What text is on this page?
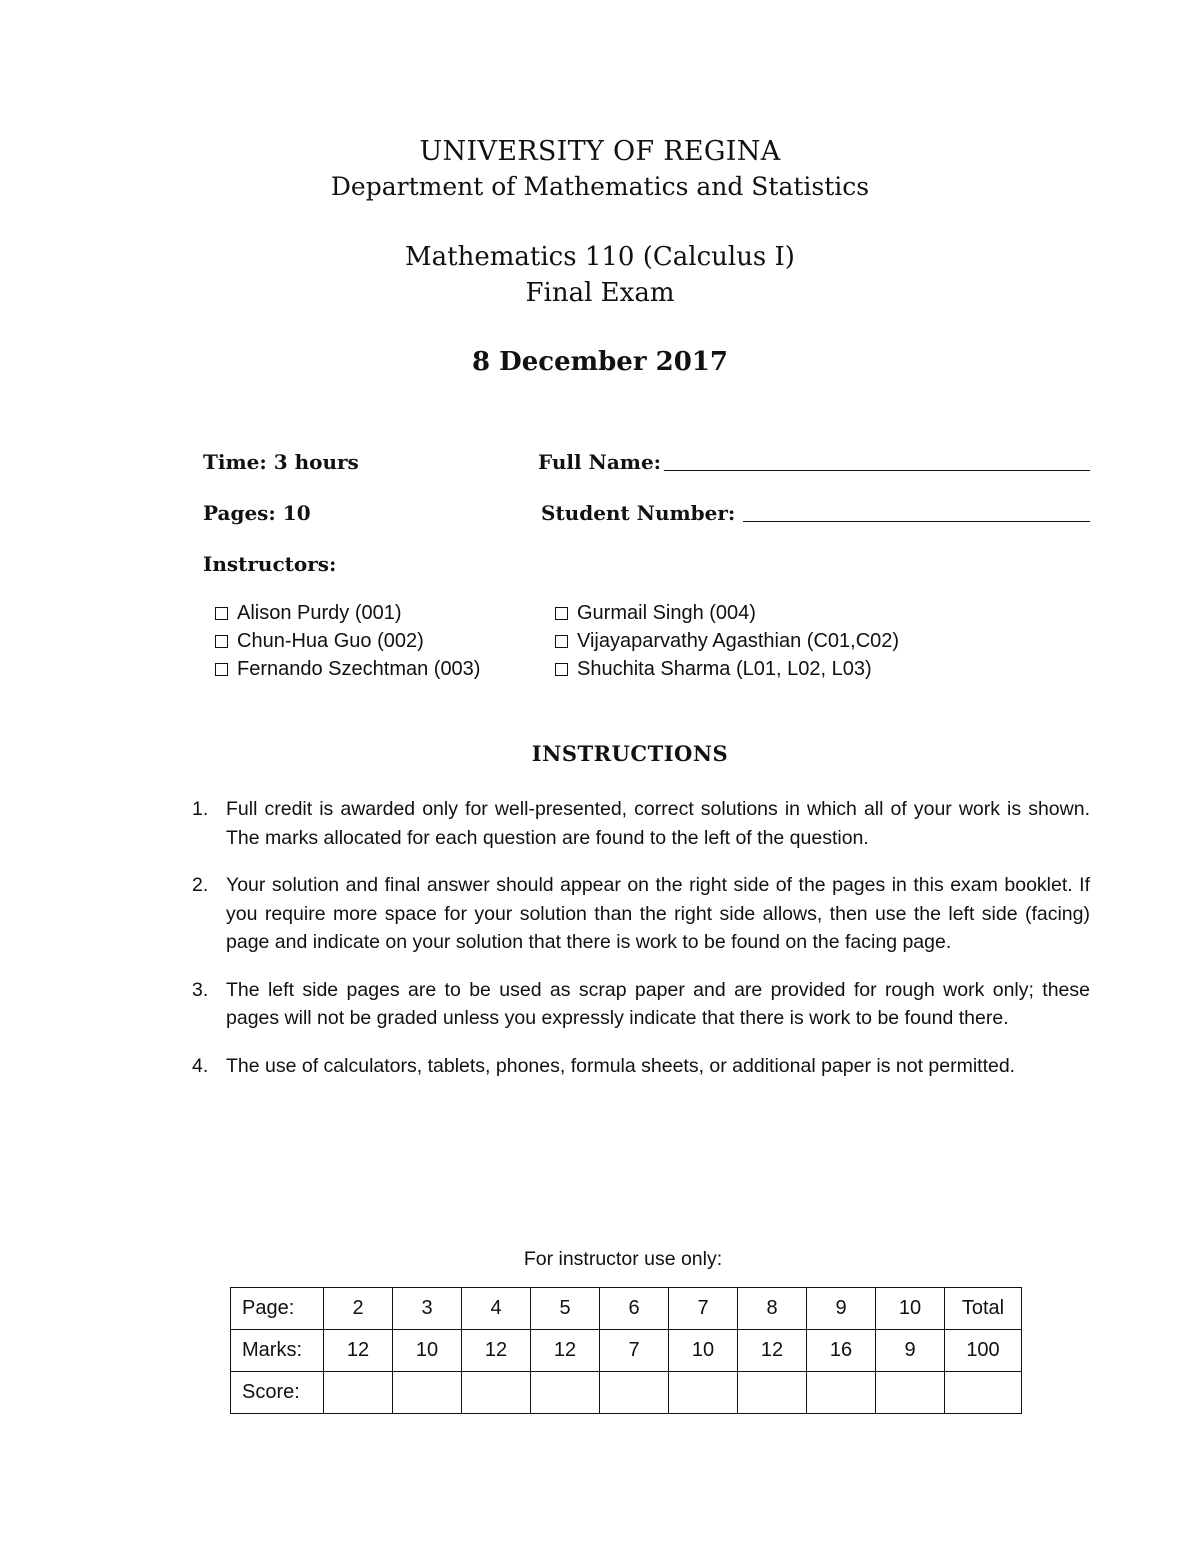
UNIVERSITY OF REGINA
Department of Mathematics and Statistics
Mathematics 110 (Calculus I)
Final Exam
8 December 2017
Time: 3 hours	Full Name:
Pages: 10	Student Number:
Instructors:
Alison Purdy (001)
Chun-Hua Guo (002)
Fernando Szechtman (003)
Gurmail Singh (004)
Vijayaparvathy Agasthian (C01,C02)
Shuchita Sharma (L01, L02, L03)
INSTRUCTIONS
1. Full credit is awarded only for well-presented, correct solutions in which all of your work is shown. The marks allocated for each question are found to the left of the question.
2. Your solution and final answer should appear on the right side of the pages in this exam booklet. If you require more space for your solution than the right side allows, then use the left side (facing) page and indicate on your solution that there is work to be found on the facing page.
3. The left side pages are to be used as scrap paper and are provided for rough work only; these pages will not be graded unless you expressly indicate that there is work to be found there.
4. The use of calculators, tablets, phones, formula sheets, or additional paper is not permitted.
For instructor use only:
Page:	2	3	4	5	6	7	8	9	10	Total
Marks:	12	10	12	12	7	10	12	16	9	100
Score:										
